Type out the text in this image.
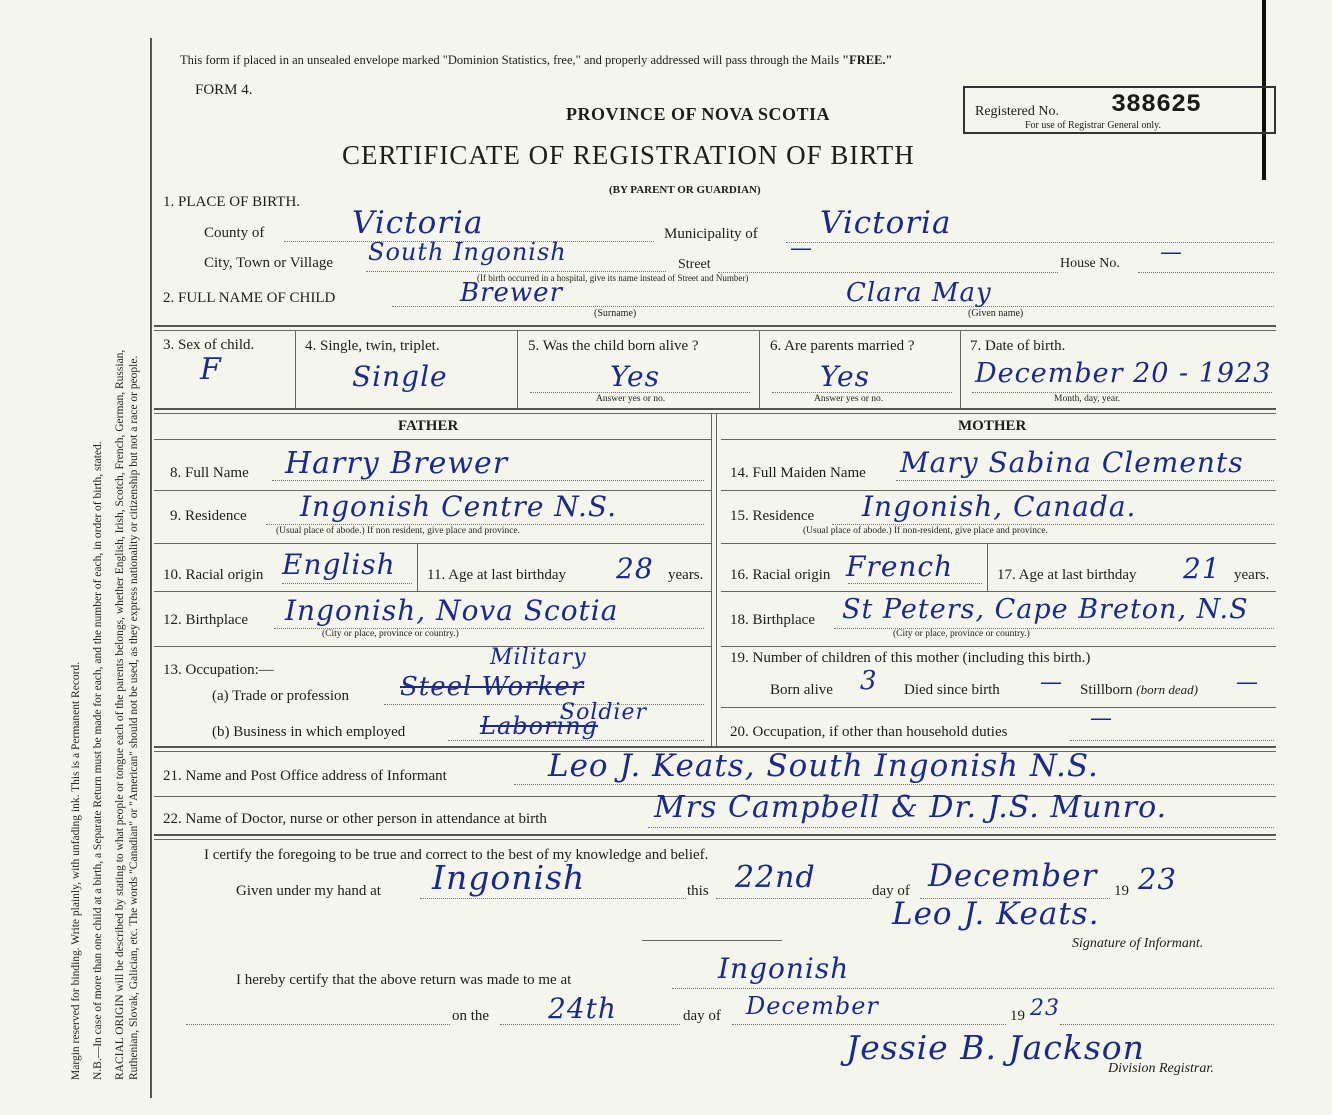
Margin reserved for binding. Write plainly, with unfading ink. This is a Permanent Record. N.B.—In case of more than one child at a birth, a Separate Return must be made for each, and the number of each, in order of birth, stated. RACIAL ORIGIN will be described by stating to what people or tongue each of the parents belongs, whether English, Irish, Scotch, French, German, Russian, Ruthenian, Slovak, Galician, etc. The words "Canadian" or "American" should not be used, as they express nationality or citizenship but not a race or people.
This form if placed in an unsealed envelope marked "Dominion Statistics, free," and properly addressed will pass through the Mails "FREE."
FORM 4.
PROVINCE OF NOVA SCOTIA	Registered No. 388625
For use of Registrar General only.
CERTIFICATE OF REGISTRATION OF BIRTH
(BY PARENT OR GUARDIAN)
1. PLACE OF BIRTH.
County of	Victoria	Municipality of Victoria
City, Town or Village South Ingonish	Street
—
House No. —
(If birth occurred in a hospital, give its name instead of Street and Number)
2. FULL NAME OF CHILD	Brewer
(Surname)
Clara May
(Given name)
3. Sex of child.
F
4. Single, twin, triplet.
Single
5. Was the child born alive ?
Yes
Answer yes or no.
6. Are parents married ?
Yes
Answer yes or no.
7. Date of birth.
December 20 - 1923
Month, day, year.
FATHER	MOTHER
8. Full Name Harry Brewer
9. Residence Ingonish Centre N.S.
(Usual place of abode.) If non resident, give place and province.
10. Racial origin English 11. Age at last birthday 28 years.
12. Birthplace Ingonish, Nova Scotia
(City or place, province or country.)
13. Occupation:—	Military
(a) Trade or profession Steel Worker
Soldier
(b) Business in which employed	Laboring
14. Full Maiden Name Mary Sabina Clements
15. Residence Ingonish, Canada.
(Usual place of abode.) If non-resident, give place and province.
16. Racial origin French	17. Age at last birthday 21 years.
18. Birthplace St Peters, Cape Breton, N.S
(City or place, province or country.)
19. Number of children of this mother (including this birth.)
Born alive 3 Died since birth — Stillborn (born dead) —
20. Occupation, if other than household duties
—
21. Name and Post Office address of Informant	Leo J. Keats, South Ingonish N.S.
22. Name of Doctor, nurse or other person in attendance at birth	Mrs Campbell & Dr. J.S. Munro.
I certify the foregoing to be true and correct to the best of my knowledge and belief.
Given under my hand at Ingonish	this 22nd	day of December 19 23
Leo J. Keats.
Signature of Informant.
I hereby certify that the above return was made to me at	Ingonish
on the 24th	day of December	19 23
Jessie B. Jackson
Division Registrar.
